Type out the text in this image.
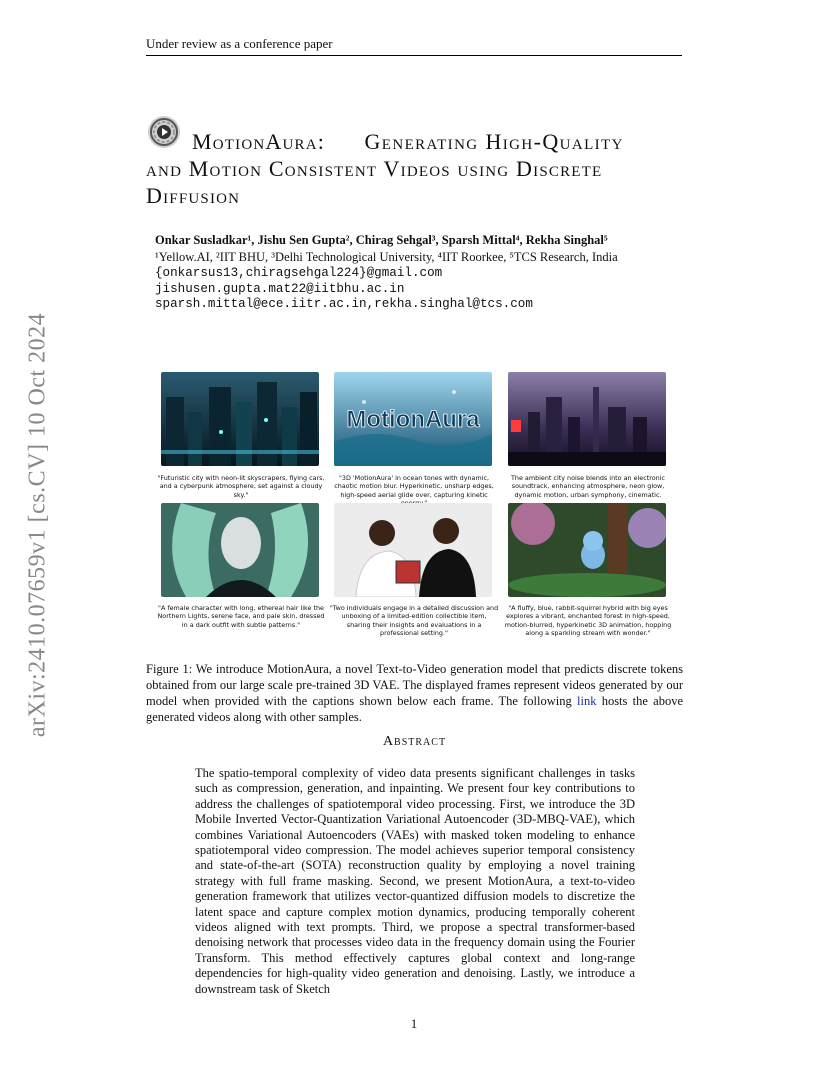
Under review as a conference paper
arXiv:2410.07659v1 [cs.CV] 10 Oct 2024
MotionAura: Generating High-Quality
and Motion Consistent Videos using Discrete
Diffusion
Onkar Susladkar¹, Jishu Sen Gupta², Chirag Sehgal³, Sparsh Mittal⁴, Rekha Singhal⁵
¹Yellow.AI, ²IIT BHU, ³Delhi Technological University, ⁴IIT Roorkee, ⁵TCS Research, India
{onkarsus13,chiragsehgal224}@gmail.com
jishusen.gupta.mat22@iitbhu.ac.in
sparsh.mittal@ece.iitr.ac.in,rekha.singhal@tcs.com
MotionAura
"Futuristic city with neon-lit skyscrapers, flying cars, and a cyberpunk atmosphere, set against a cloudy sky."
"3D 'MotionAura' in ocean tones with dynamic, chaotic motion blur. Hyperkinetic, unsharp edges, high-speed aerial glide over, capturing kinetic
The ambient city noise blends into an electronic soundtrack, enhancing atmosphere, neon glow, dynamic motion, urban symphony, cinematic.
"A female character with long, ethereal hair like the Northern Lights, serene face, and pale skin, dressed in a dark outfit with subtle patterns."
"Two individuals engage in a detailed discussion and unboxing of a limited-edition collectible item, sharing their insights and evaluations in a professional setting."
"A fluffy, blue, rabbit-squirrel hybrid with big eyes explores a vibrant, enchanted forest in high-speed, motion-blurred, hyperkinetic 3D animation, hopping along a sparkling stream with wonder."
Figure 1: We introduce MotionAura, a novel Text-to-Video generation model that predicts discrete tokens obtained from our large scale pre-trained 3D VAE. The displayed frames represent videos generated by our model when provided with the captions shown below each frame. The following link hosts the above generated videos along with other samples.
Abstract
The spatio-temporal complexity of video data presents significant challenges in tasks such as compression, generation, and inpainting. We present four key contributions to address the challenges of spatiotemporal video processing. First, we introduce the 3D Mobile Inverted Vector-Quantization Variational Autoencoder (3D-MBQ-VAE), which combines Variational Autoencoders (VAEs) with masked token modeling to enhance spatiotemporal video compression. The model achieves superior temporal consistency and state-of-the-art (SOTA) reconstruction quality by employing a novel training strategy with full frame masking. Second, we present MotionAura, a text-to-video generation framework that utilizes vector-quantized diffusion models to discretize the latent space and capture complex motion dynamics, producing temporally coherent videos aligned with text prompts. Third, we propose a spectral transformer-based denoising network that processes video data in the frequency domain using the Fourier Transform. This method effectively captures global context and long-range dependencies for high-quality video generation and denoising. Lastly, we introduce a downstream task of Sketch
1
